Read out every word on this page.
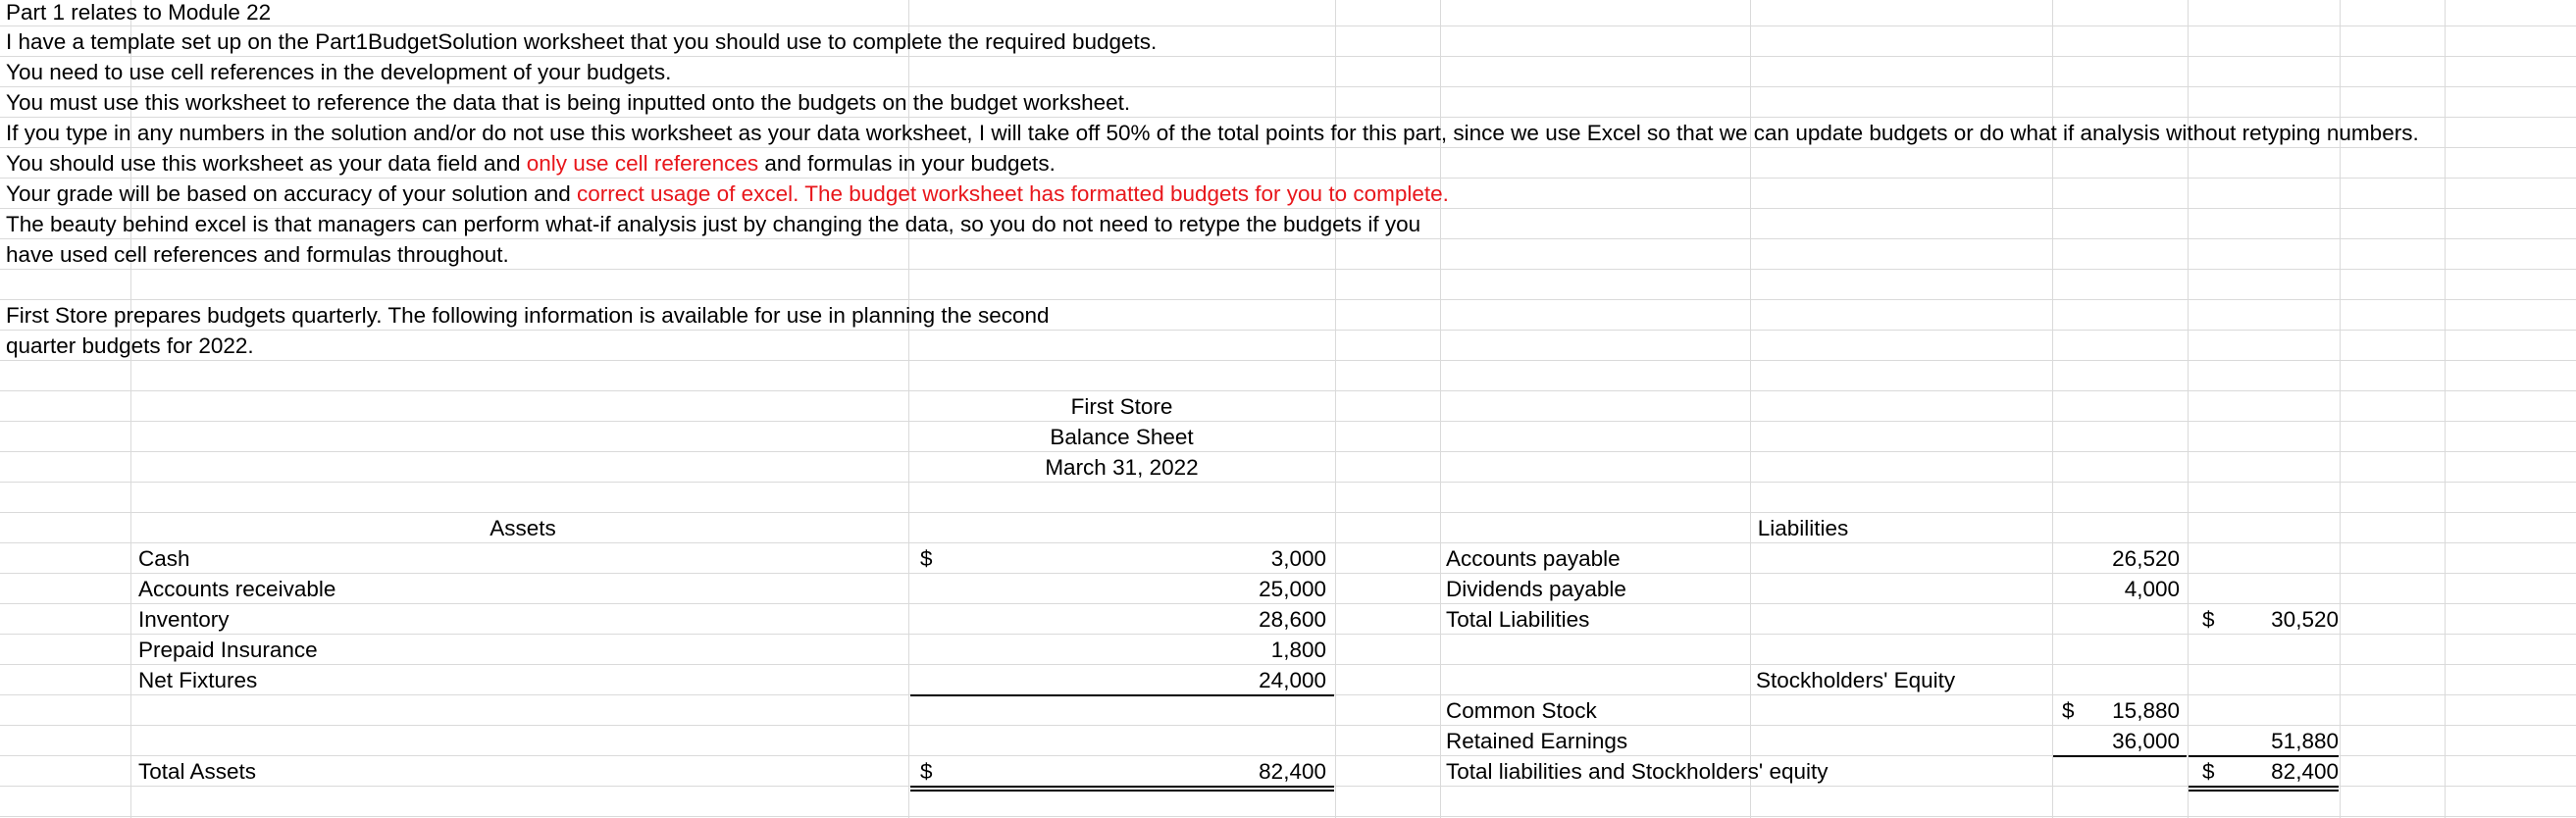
Part 1 relates to Module 22
I have a template set up on the Part1BudgetSolution worksheet that you should use to complete the required budgets.
You need to use cell references in the development of your budgets.
You must use this worksheet to reference the data that is being inputted onto the budgets on the budget worksheet.
If you type in any numbers in the solution and/or do not use this worksheet as your data worksheet, I will take off 50% of the total points for this part, since we use Excel so that we can update budgets or do what if analysis without retyping numbers.
You should use this worksheet as your data field and only use cell references and formulas in your budgets.
Your grade will be based on accuracy of your solution and correct usage of excel. The budget worksheet has formatted budgets for you to complete.
The beauty behind excel is that managers can perform what-if analysis just by changing the data, so you do not need to retype the budgets if you
have used cell references and formulas throughout.
First Store prepares budgets quarterly. The following information is available for use in planning the second
quarter budgets for 2022.
First Store
Balance Sheet
March 31, 2022
Assets	Liabilities
Cash	$	3,000
Accounts receivable	25,000
Inventory	28,600
Prepaid Insurance	1,800
Net Fixtures	24,000
Total Assets	$	82,400
Accounts payable	26,520
Dividends payable	4,000
Total Liabilities	$	30,520
Stockholders' Equity
Common Stock	$	15,880
Retained Earnings	36,000	51,880
Total liabilities and Stockholders' equity	$	82,400
